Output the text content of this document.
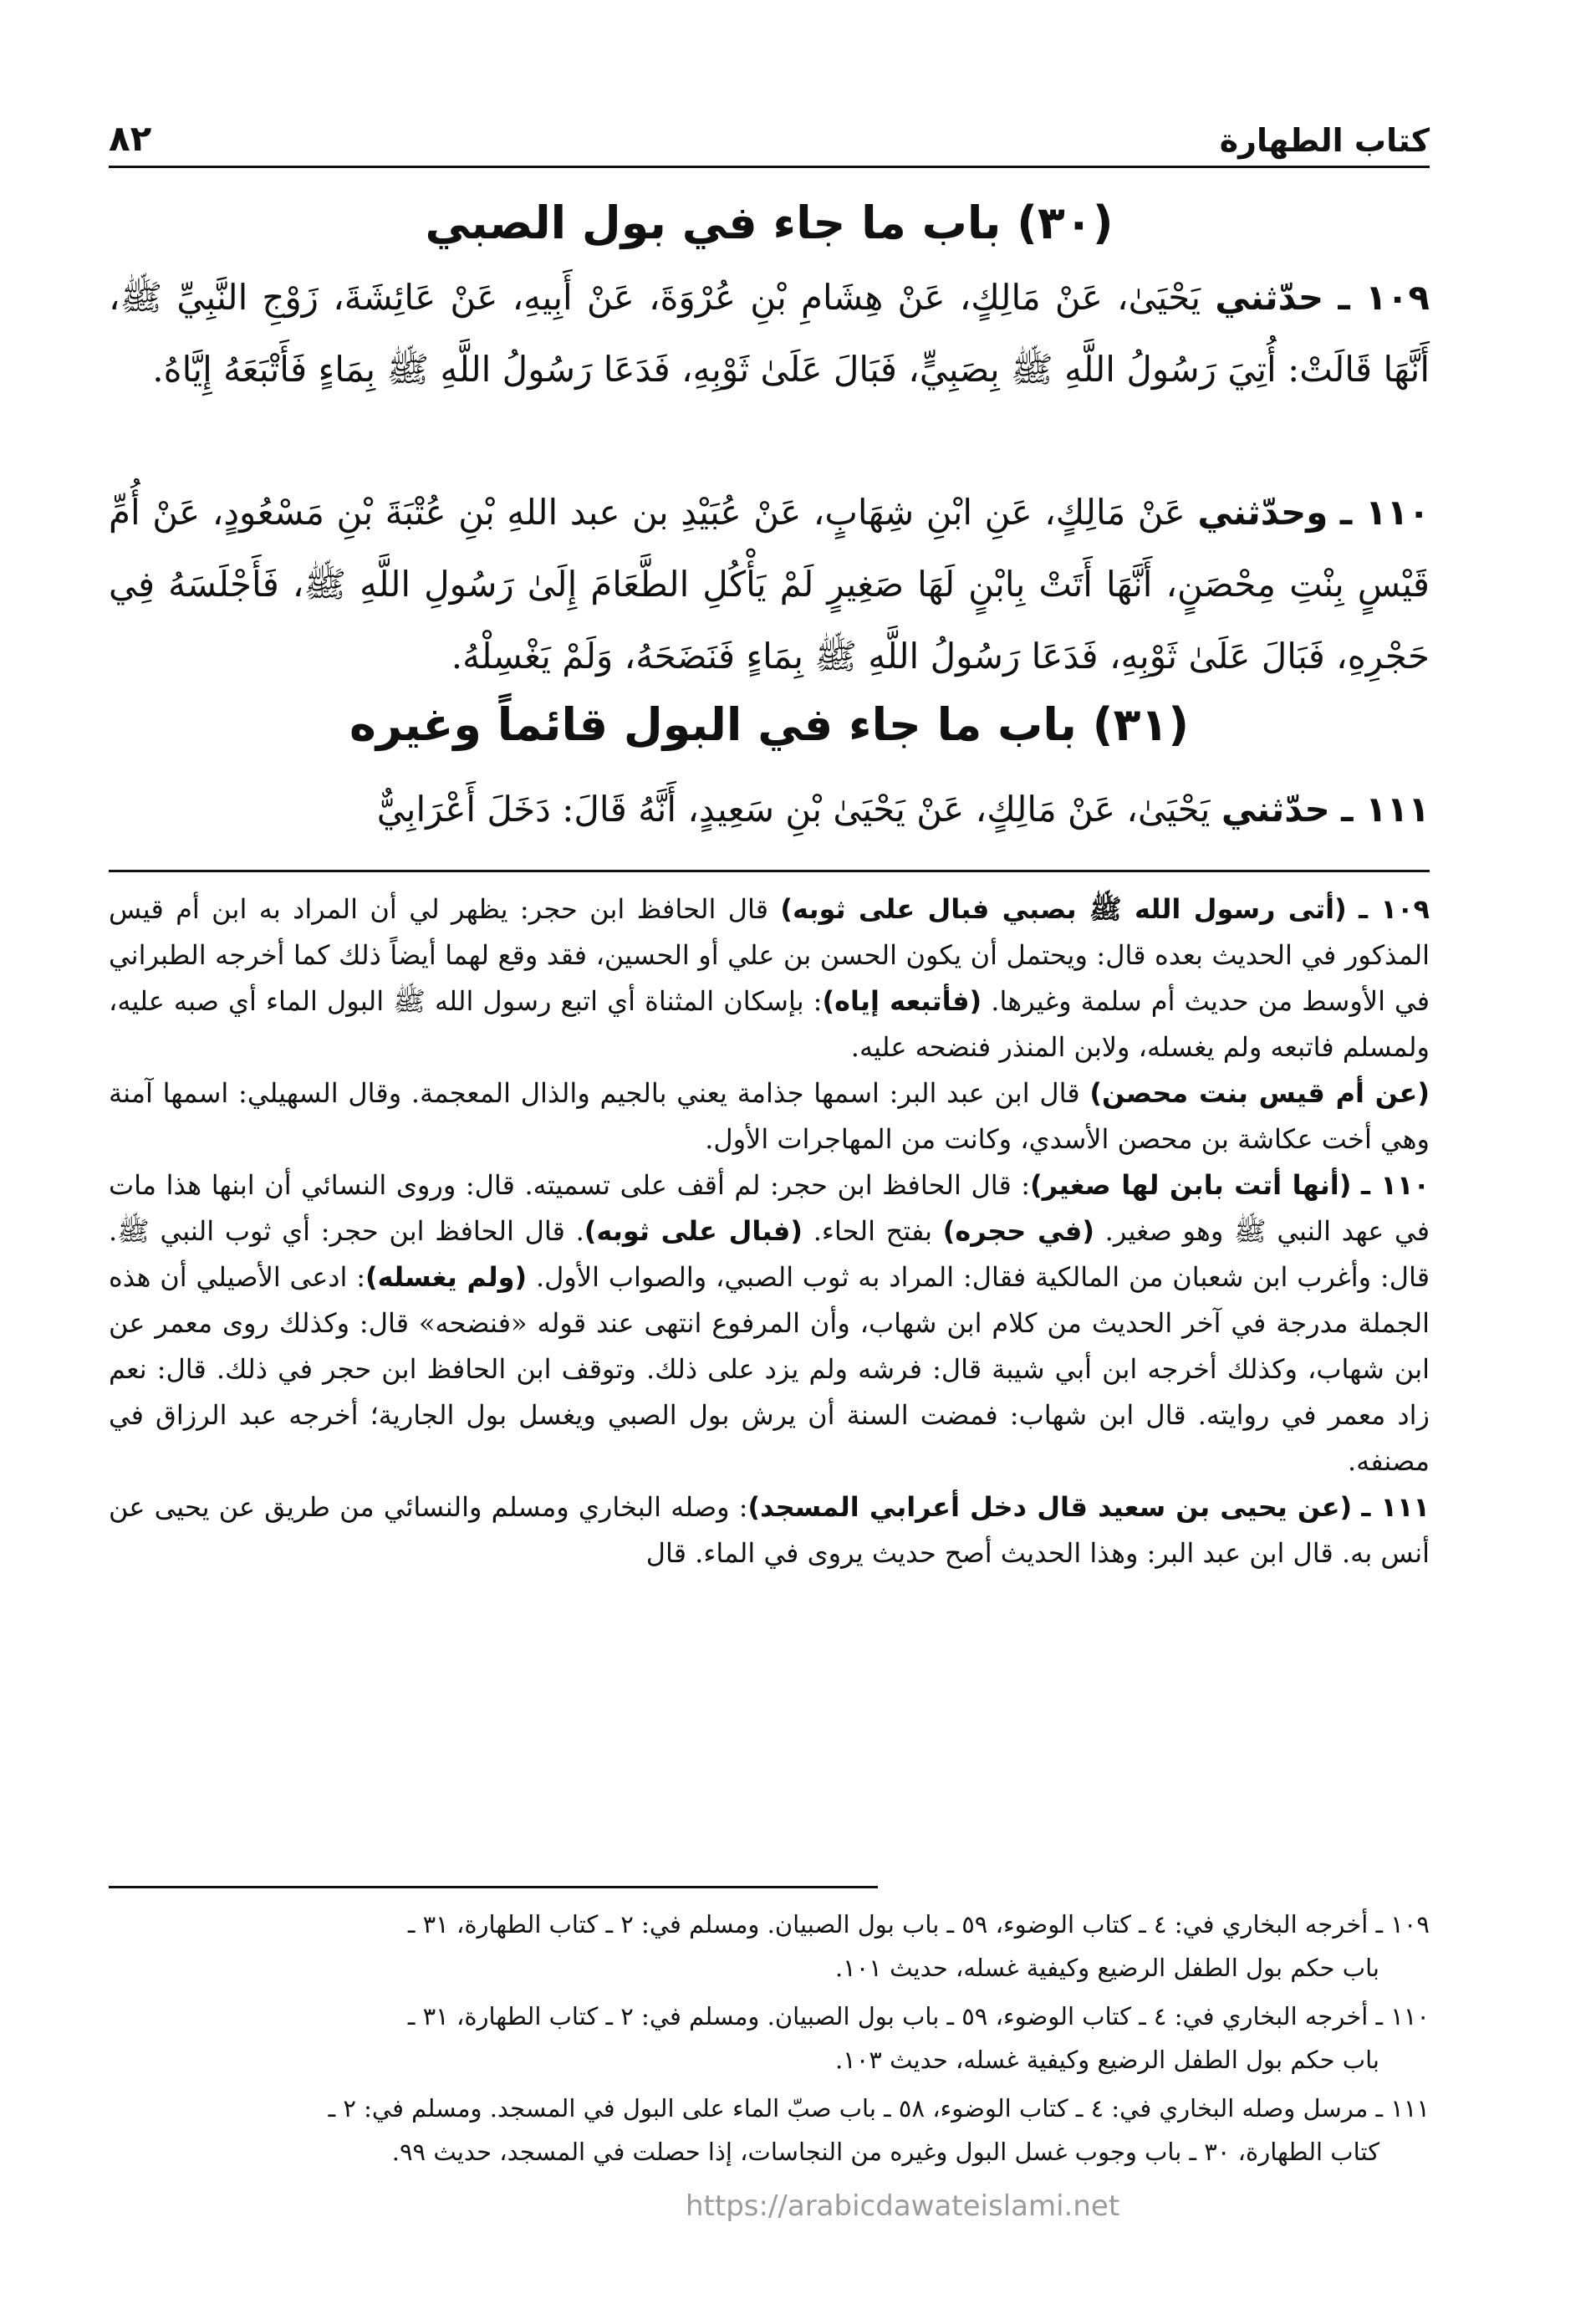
كتاب الطهارة
٨٢
(٣٠) باب ما جاء في بول الصبي

١٠٩ ـ حدّثني يَحْيَىٰ، عَنْ مَالِكٍ، عَنْ هِشَامِ بْنِ عُرْوَةَ، عَنْ أَبِيهِ، عَنْ عَائِشَةَ، زَوْجِ النَّبِيِّ ﷺ، أَنَّهَا قَالَتْ: أُتِيَ رَسُولُ اللَّهِ ﷺ بِصَبِيٍّ، فَبَالَ عَلَىٰ ثَوْبِهِ، فَدَعَا رَسُولُ اللَّهِ ﷺ بِمَاءٍ فَأَتْبَعَهُ إِيَّاهُ.

١١٠ ـ وحدّثني عَنْ مَالِكٍ، عَنِ ابْنِ شِهَابٍ، عَنْ عُبَيْدِ بن عبد اللهِ بْنِ عُتْبَةَ بْنِ مَسْعُودٍ، عَنْ أُمِّ قَيْسٍ بِنْتِ مِحْصَنٍ، أَنَّهَا أَتَتْ بِابْنٍ لَهَا صَغِيرٍ لَمْ يَأْكُلِ الطَّعَامَ إِلَىٰ رَسُولِ اللَّهِ ﷺ، فَأَجْلَسَهُ فِي حَجْرِهِ، فَبَالَ عَلَىٰ ثَوْبِهِ، فَدَعَا رَسُولُ اللَّهِ ﷺ بِمَاءٍ فَنَضَحَهُ، وَلَمْ يَغْسِلْهُ.

(٣١) باب ما جاء في البول قائماً وغيره

١١١ ـ حدّثني يَحْيَىٰ، عَنْ مَالِكٍ، عَنْ يَحْيَىٰ بْنِ سَعِيدٍ، أَنَّهُ قَالَ: دَخَلَ أَعْرَابِيٌّ

١٠٩ ـ (أتى رسول الله ﷺ بصبي فبال على ثوبه) قال الحافظ ابن حجر: يظهر لي أن المراد به ابن أم قيس المذكور في الحديث بعده قال: ويحتمل أن يكون الحسن بن علي أو الحسين، فقد وقع لهما أيضاً ذلك كما أخرجه الطبراني في الأوسط من حديث أم سلمة وغيرها. (فأتبعه إياه): بإسكان المثناة أي اتبع رسول الله ﷺ البول الماء أي صبه عليه، ولمسلم فاتبعه ولم يغسله، ولابن المنذر فنضحه عليه.

(عن أم قيس بنت محصن) قال ابن عبد البر: اسمها جذامة يعني بالجيم والذال المعجمة. وقال السهيلي: اسمها آمنة وهي أخت عكاشة بن محصن الأسدي، وكانت من المهاجرات الأول.

١١٠ ـ (أنها أتت بابن لها صغير): قال الحافظ ابن حجر: لم أقف على تسميته. قال: وروى النسائي أن ابنها هذا مات في عهد النبي ﷺ وهو صغير. (في حجره) بفتح الحاء. (فبال على ثوبه). قال الحافظ ابن حجر: أي ثوب النبي ﷺ. قال: وأغرب ابن شعبان من المالكية فقال: المراد به ثوب الصبي، والصواب الأول. (ولم يغسله): ادعى الأصيلي أن هذه الجملة مدرجة في آخر الحديث من كلام ابن شهاب، وأن المرفوع انتهى عند قوله «فنضحه» قال: وكذلك روى معمر عن ابن شهاب، وكذلك أخرجه ابن أبي شيبة قال: فرشه ولم يزد على ذلك. وتوقف ابن الحافظ ابن حجر في ذلك. قال: نعم زاد معمر في روايته. قال ابن شهاب: فمضت السنة أن يرش بول الصبي ويغسل بول الجارية؛ أخرجه عبد الرزاق في مصنفه.

١١١ ـ (عن يحيى بن سعيد قال دخل أعرابي المسجد): وصله البخاري ومسلم والنسائي من طريق عن يحيى عن أنس به. قال ابن عبد البر: وهذا الحديث أصح حديث يروى في الماء. قال

١٠٩ ـ أخرجه البخاري في: ٤ ـ كتاب الوضوء، ٥٩ ـ باب بول الصبيان. ومسلم في: ٢ ـ كتاب الطهارة، ٣١ ـ
باب حكم بول الطفل الرضيع وكيفية غسله، حديث ١٠١.

١١٠ ـ أخرجه البخاري في: ٤ ـ كتاب الوضوء، ٥٩ ـ باب بول الصبيان. ومسلم في: ٢ ـ كتاب الطهارة، ٣١ ـ
باب حكم بول الطفل الرضيع وكيفية غسله، حديث ١٠٣.

١١١ ـ مرسل وصله البخاري في: ٤ ـ كتاب الوضوء، ٥٨ ـ باب صبّ الماء على البول في المسجد. ومسلم في: ٢ ـ
كتاب الطهارة، ٣٠ ـ باب وجوب غسل البول وغيره من النجاسات، إذا حصلت في المسجد، حديث ٩٩.

https://arabicdawateislami.net
